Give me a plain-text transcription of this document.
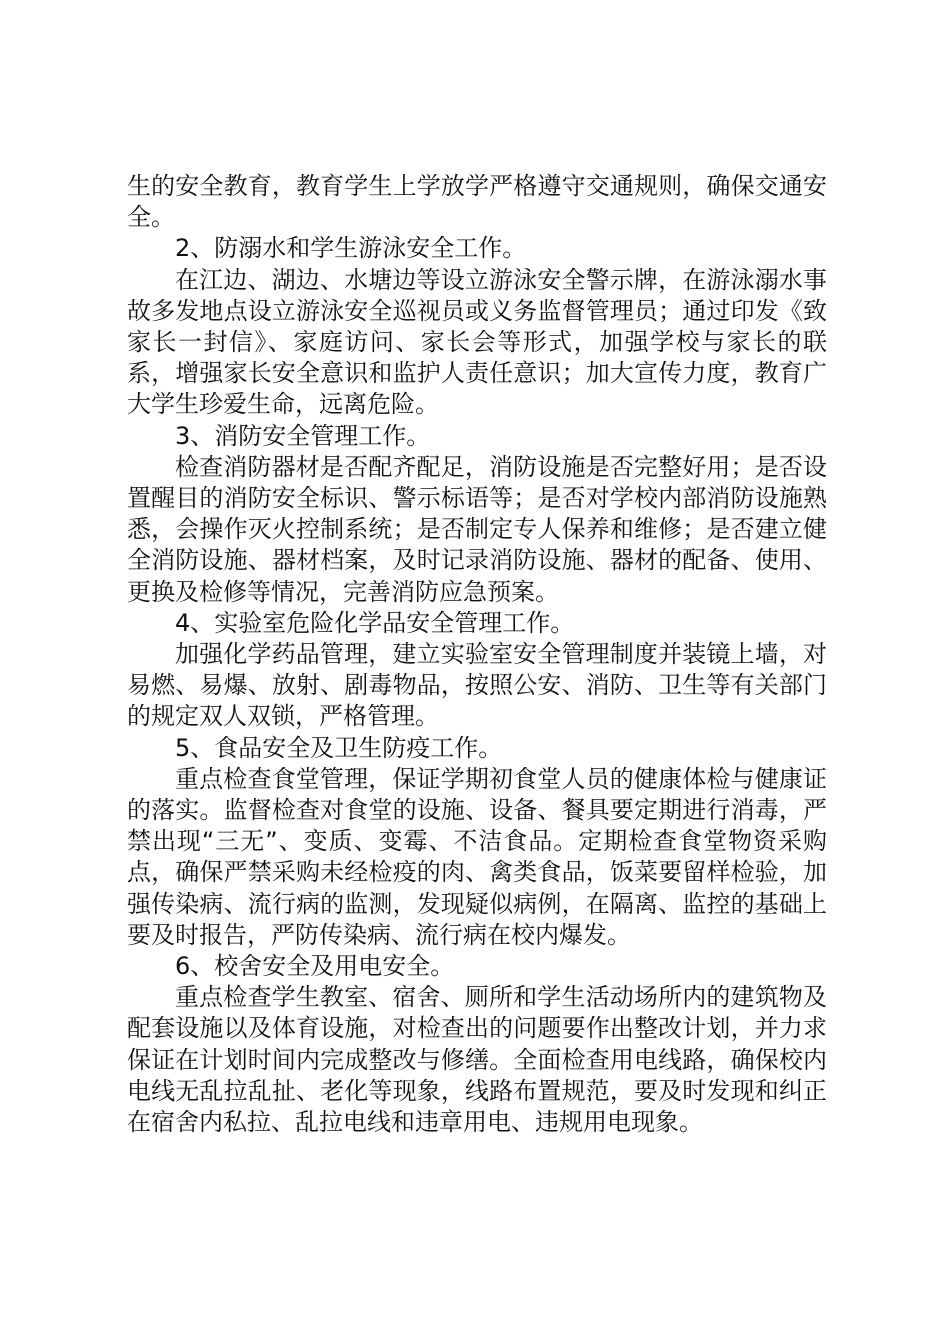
生的安全教育，教育学生上学放学严格遵守交通规则，确保交通安全。

2、防溺水和学生游泳安全工作。

在江边、湖边、水塘边等设立游泳安全警示牌，在游泳溺水事故多发地点设立游泳安全巡视员或义务监督管理员；通过印发《致家长一封信》、家庭访问、家长会等形式，加强学校与家长的联系，增强家长安全意识和监护人责任意识；加大宣传力度，教育广大学生珍爱生命，远离危险。

3、消防安全管理工作。

检查消防器材是否配齐配足，消防设施是否完整好用；是否设置醒目的消防安全标识、警示标语等；是否对学校内部消防设施熟悉，会操作灭火控制系统；是否制定专人保养和维修；是否建立健全消防设施、器材档案，及时记录消防设施、器材的配备、使用、更换及检修等情况，完善消防应急预案。

4、实验室危险化学品安全管理工作。

加强化学药品管理，建立实验室安全管理制度并装镜上墙，对易燃、易爆、放射、剧毒物品，按照公安、消防、卫生等有关部门的规定双人双锁，严格管理。

5、食品安全及卫生防疫工作。

重点检查食堂管理，保证学期初食堂人员的健康体检与健康证的落实。监督检查对食堂的设施、设备、餐具要定期进行消毒，严禁出现“三无”、变质、变霉、不洁食品。定期检查食堂物资采购点，确保严禁采购未经检疫的肉、禽类食品，饭菜要留样检验，加强传染病、流行病的监测，发现疑似病例，在隔离、监控的基础上要及时报告，严防传染病、流行病在校内爆发。

6、校舍安全及用电安全。

重点检查学生教室、宿舍、厕所和学生活动场所内的建筑物及配套设施以及体育设施，对检查出的问题要作出整改计划，并力求保证在计划时间内完成整改与修缮。全面检查用电线路，确保校内电线无乱拉乱扯、老化等现象，线路布置规范，要及时发现和纠正在宿舍内私拉、乱拉电线和违章用电、违规用电现象。
